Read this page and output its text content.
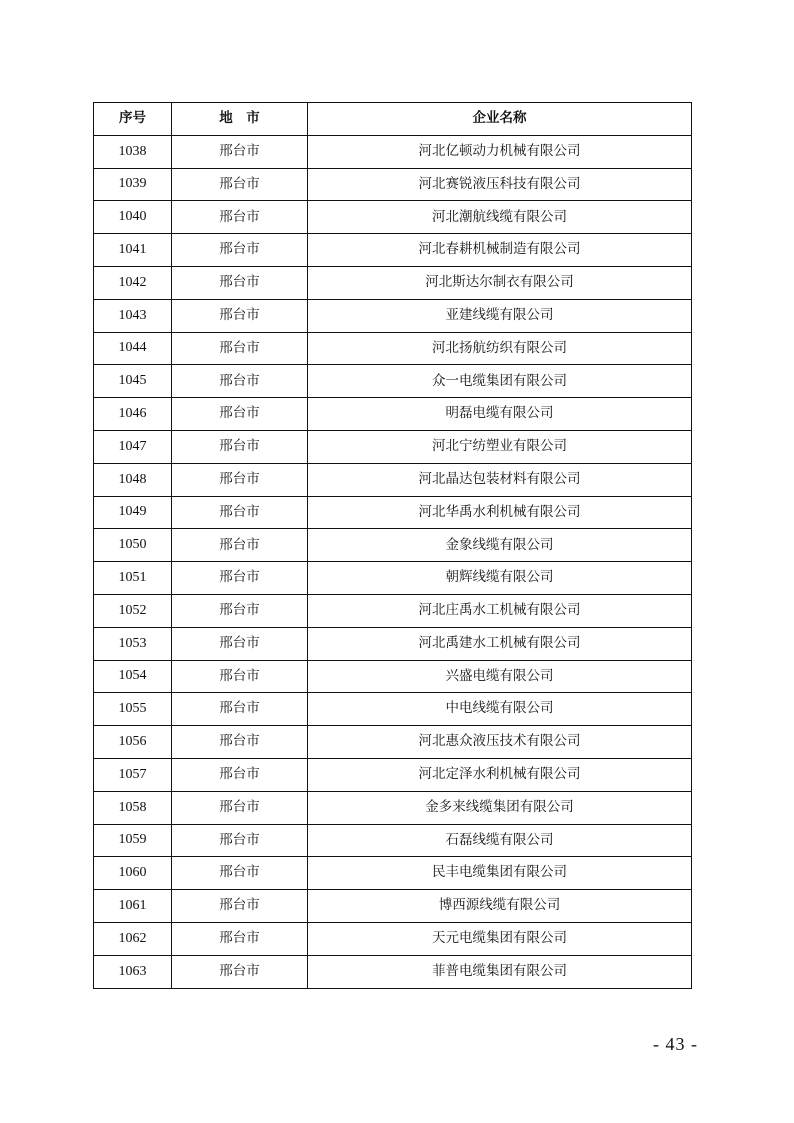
序号	地　市	企业名称
1038	邢台市	河北亿顿动力机械有限公司
1039	邢台市	河北赛锐液压科技有限公司
1040	邢台市	河北潮航线缆有限公司
1041	邢台市	河北春耕机械制造有限公司
1042	邢台市	河北斯达尔制衣有限公司
1043	邢台市	亚建线缆有限公司
1044	邢台市	河北扬航纺织有限公司
1045	邢台市	众一电缆集团有限公司
1046	邢台市	明磊电缆有限公司
1047	邢台市	河北宁纺塑业有限公司
1048	邢台市	河北晶达包装材料有限公司
1049	邢台市	河北华禹水利机械有限公司
1050	邢台市	金象线缆有限公司
1051	邢台市	朝辉线缆有限公司
1052	邢台市	河北庄禹水工机械有限公司
1053	邢台市	河北禹建水工机械有限公司
1054	邢台市	兴盛电缆有限公司
1055	邢台市	中电线缆有限公司
1056	邢台市	河北惠众液压技术有限公司
1057	邢台市	河北定泽水利机械有限公司
1058	邢台市	金多来线缆集团有限公司
1059	邢台市	石磊线缆有限公司
1060	邢台市	民丰电缆集团有限公司
1061	邢台市	博西源线缆有限公司
1062	邢台市	天元电缆集团有限公司
1063	邢台市	菲普电缆集团有限公司
- 43 -
